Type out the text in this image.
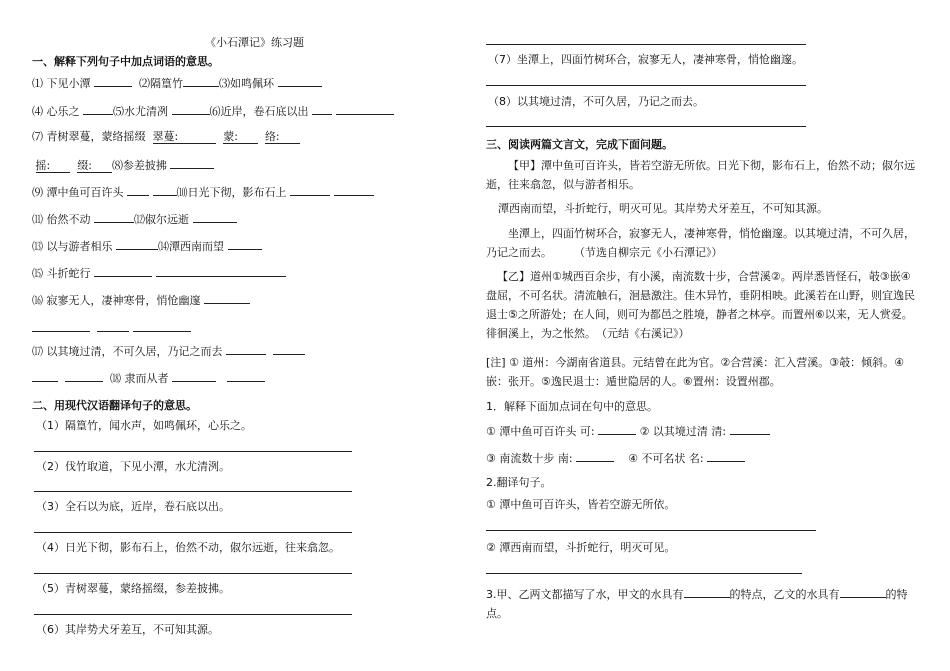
《小石潭记》练习题
一、解释下列句子中加点词语的意思。
⑴ 下见小潭	⑵隔篁竹	⑶如鸣佩环
⑷ 心乐之	⑸水尤清冽	⑹近岸，卷石底以出
⑺ 青树翠蔓，蒙络摇缀 翠蔓:	蒙: 络:
摇: 缀: ⑻参差披拂
⑼ 潭中鱼可百许头	⑽日光下彻，影布石上
⑾ 佁然不动	⑿俶尔远逝
⒀ 以与游者相乐	⒁潭西南而望
⒂ 斗折蛇行
⒃ 寂寥无人，凄神寒骨，悄怆幽邃

⒄ 以其境过清，不可久居，乃记之而去
⒅ 隶而从者
二、用现代汉语翻译句子的意思。
（1）隔篁竹，闻水声，如鸣佩环，心乐之。
（2）伐竹取道，下见小潭，水尤清洌。
（3）全石以为底，近岸，卷石底以出。
（4）日光下彻，影布石上，佁然不动，俶尔远逝，往来翕忽。
（5）青树翠蔓，蒙络摇缀，参差披拂。
（6）其岸势犬牙差互，不可知其源。
（7）坐潭上，四面竹树环合，寂寥无人，凄神寒骨，悄怆幽邃。
（8）以其境过清，不可久居，乃记之而去。
三、阅读两篇文言文，完成下面问题。
【甲】潭中鱼可百许头，皆若空游无所依。日光下彻，影布石上，佁然不动；俶尔远逝，往来翕忽，似与游者相乐。
潭西南而望，斗折蛇行，明灭可见。其岸势犬牙差互，不可知其源。
坐潭上，四面竹树环合，寂寥无人，凄神寒骨，悄怆幽邃。以其境过清，不可久居，乃记之而去。　　　（节选自柳宗元《小石潭记》）
【乙】道州①城西百余步，有小溪，南流数十步，合营溪②。两岸悉皆怪石，攲③嵌④盘屈，不可名状。清流触石，洄悬激注。佳木异竹，垂阴相映。此溪若在山野，则宜逸民退士⑤之所游处；在人间，则可为都邑之胜境，静者之林亭。而置州⑥以来，无人赏爱。徘徊溪上，为之怅然。　（元结《右溪记》）
[注] ① 道州：今湖南省道县。元结曾在此为官。②合营溪：汇入营溪。③攲：倾斜。④嵌：张开。⑤逸民退士：遁世隐居的人。⑥置州：设置州郡。
1．解释下面加点词在句中的意思。
① 潭中鱼可百许头 可:	② 以其境过清 清:
③ 南流数十步 南:	④ 不可名状 名:
2.翻译句子。
① 潭中鱼可百许头，皆若空游无所依。
② 潭西南而望，斗折蛇行，明灭可见。
3.甲、乙两文都描写了水，甲文的水具有	的特点，乙文的水具有	的特
点。
